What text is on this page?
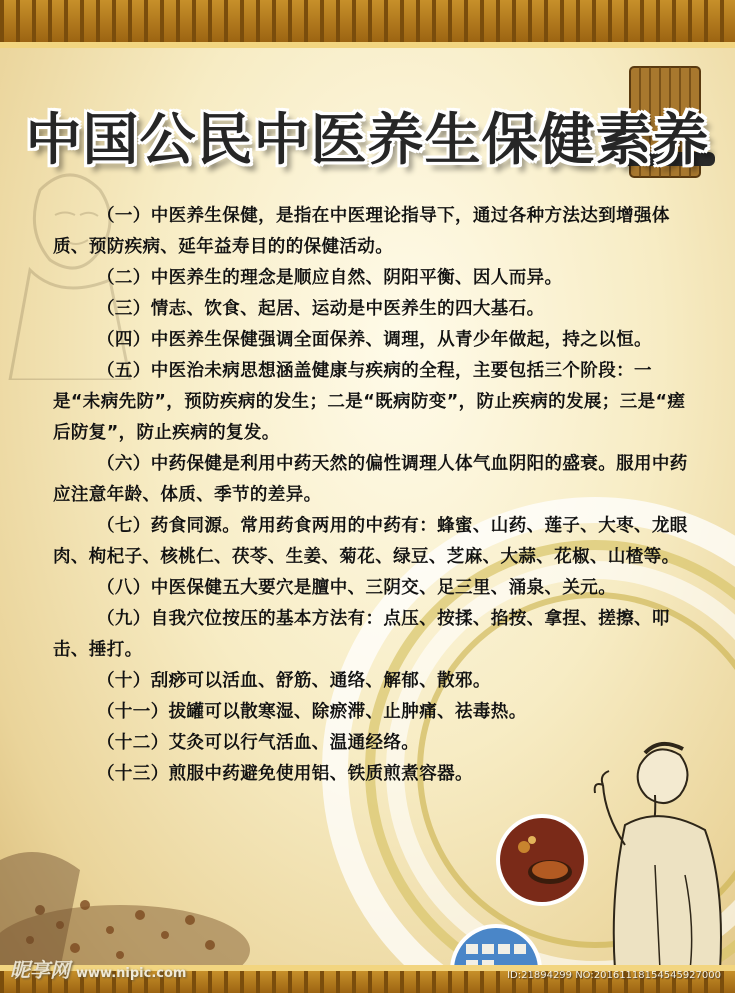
中国公民中医养生保健素养

（一）中医养生保健，是指在中医理论指导下，通过各种方法达到增强体质、预防疾病、延年益寿目的的保健活动。

（二）中医养生的理念是顺应自然、阴阳平衡、因人而异。

（三）情志、饮食、起居、运动是中医养生的四大基石。

（四）中医养生保健强调全面保养、调理，从青少年做起，持之以恒。

（五）中医治未病思想涵盖健康与疾病的全程，主要包括三个阶段：一是“未病先防”，预防疾病的发生；二是“既病防变”，防止疾病的发展；三是“瘥后防复”，防止疾病的复发。

（六）中药保健是利用中药天然的偏性调理人体气血阴阳的盛衰。服用中药应注意年龄、体质、季节的差异。

（七）药食同源。常用药食两用的中药有：蜂蜜、山药、莲子、大枣、龙眼肉、枸杞子、核桃仁、茯苓、生姜、菊花、绿豆、芝麻、大蒜、花椒、山楂等。

（八）中医保健五大要穴是膻中、三阴交、足三里、涌泉、关元。

（九）自我穴位按压的基本方法有：点压、按揉、掐按、拿捏、搓擦、叩击、捶打。

（十）刮痧可以活血、舒筋、通络、解郁、散邪。

（十一）拔罐可以散寒湿、除瘀滞、止肿痛、祛毒热。

（十二）艾灸可以行气活血、温通经络。

（十三）煎服中药避免使用铝、铁质煎煮容器。

昵享网 www.nipic.com	ID:21894299 NO:20161118154545927000
